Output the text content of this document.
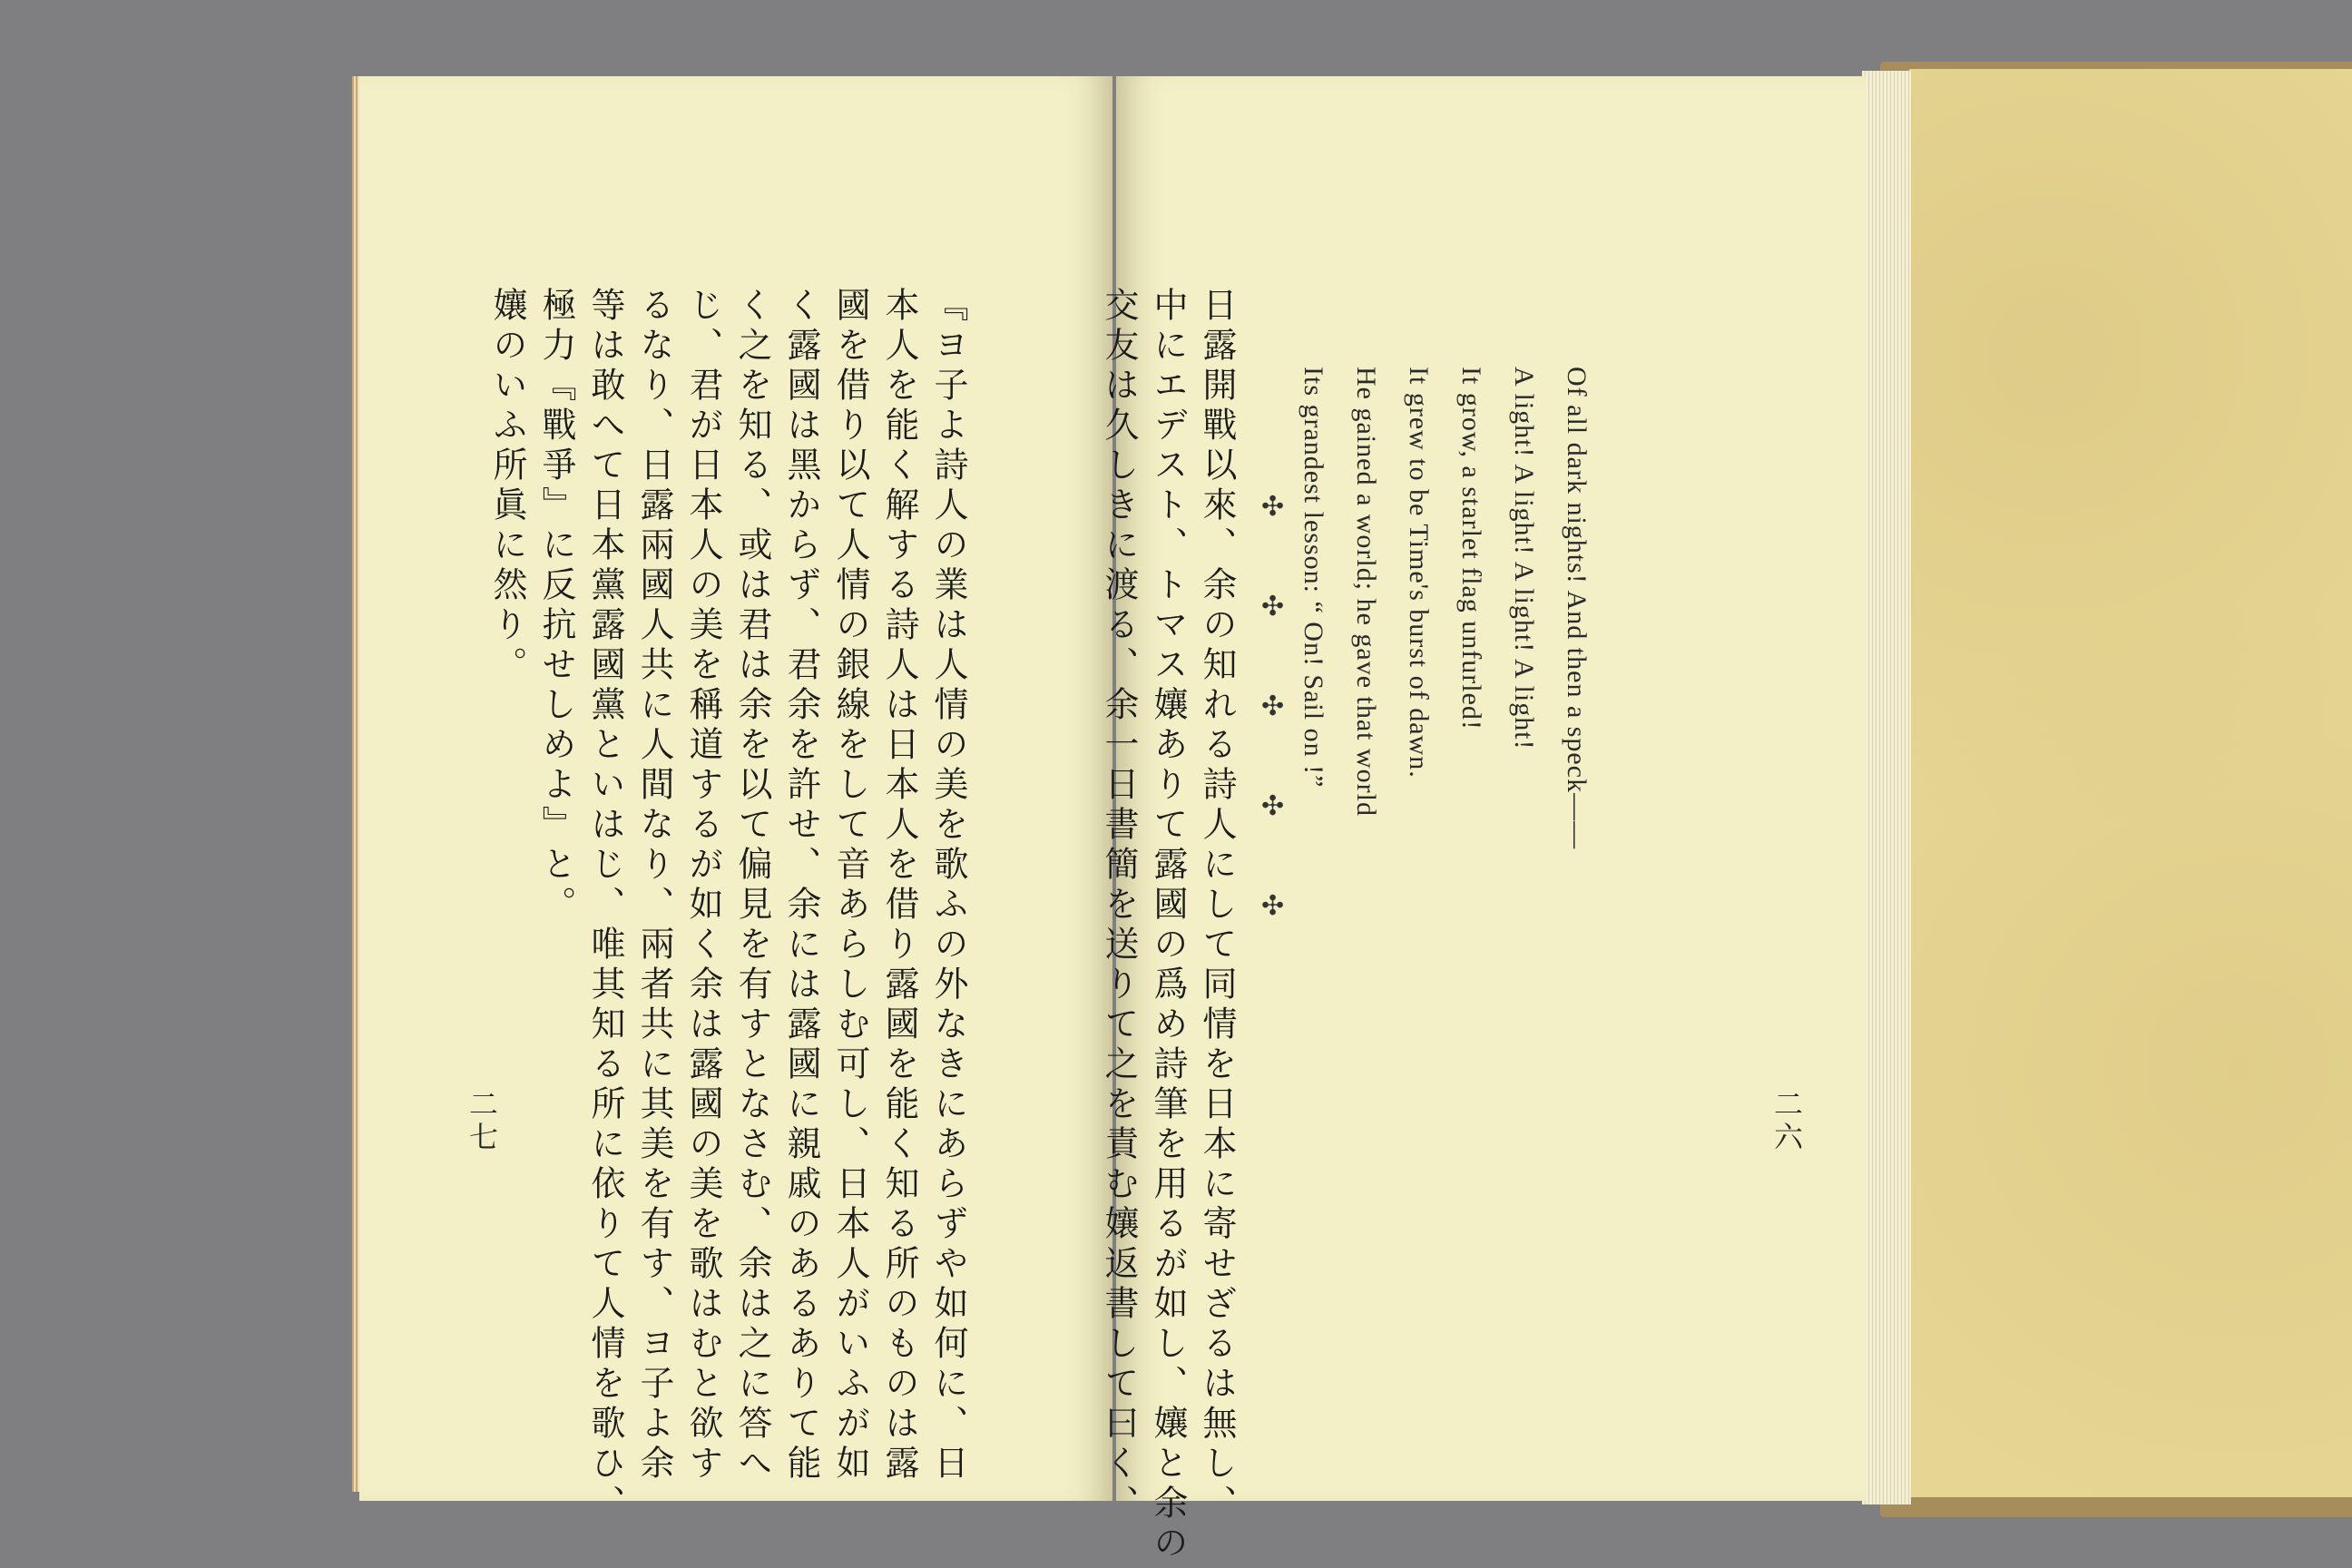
『ヨ子よ詩人の業は人情の美を歌ふの外なきにあらずや如何に、日
本人を能く解する詩人は日本人を借り露國を能く知る所のものは露
國を借り以て人情の銀線をして音あらしむ可し、日本人がいふが如
く露國は黑からず、君余を許せ、余には露國に親戚のあるありて能
く之を知る、或は君は余を以て偏見を有すとなさむ、余は之に答へ
じ、君が日本人の美を稱道するが如く余は露國の美を歌はむと欲す
るなり、日露兩國人共に人間なり、兩者共に其美を有す、ヨ子よ余
等は敢へて日本黨露國黨といはじ、唯其知る所に依りて人情を歌ひ、
極力『戰爭』に反抗せしめよ』と。
孃のいふ所眞に然り。
二七
Of all dark nights! And then a speck——
A light! A light! A light! A light!
It grow, a starlet flag unfurled!
It grew to be Time's burst of dawn.
He gained a world; he gave that world
Its grandest lesson: “ On! Sail on !”
✣
✣
✣
✣
✣
日露開戰以來、余の知れる詩人にして同情を日本に寄せざるは無し、
中にエデスト、トマス孃ありて露國の爲め詩筆を用るが如し、孃と余の
交友は久しきに渡る、余一日書簡を送りて之を責む孃返書して曰く、	二六
